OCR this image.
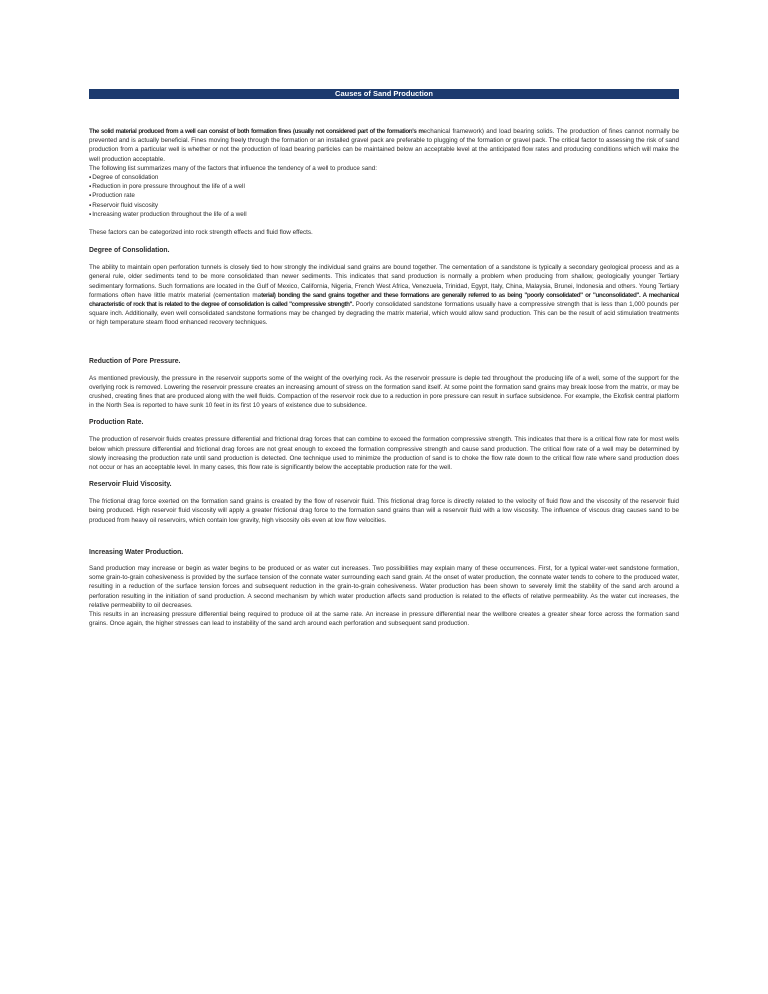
Causes of Sand Production

The solid material produced from a well can consist of both formation fines (usually not considered part of the formation's mechanical framework) and load bearing solids. The production of fines cannot normally be prevented and is actually beneficial. Fines moving freely through the formation or an installed gravel pack are preferable to plugging of the formation or gravel pack. The critical factor to assessing the risk of sand production from a particular well is whether or not the production of load bearing particles can be maintained below an acceptable level at the anticipated flow rates and producing conditions which will make the well production acceptable.

The following list summarizes many of the factors that influence the tendency of a well to produce sand:

▪ Degree of consolidation
▪ Reduction in pore pressure throughout the life of a well
▪ Production rate
▪ Reservoir fluid viscosity
▪ Increasing water production throughout the life of a well

These factors can be categorized into rock strength effects and fluid flow effects.

Degree of Consolidation.

The ability to maintain open perforation tunnels is closely tied to how strongly the individual sand grains are bound together. The cementation of a sandstone is typically a secondary geological process and as a general rule, older sediments tend to be more consolidated than newer sediments. This indicates that sand production is normally a problem when producing from shallow, geologically younger Tertiary sedimentary formations. Such formations are located in the Gulf of Mexico, California, Nigeria, French West Africa, Venezuela, Trinidad, Egypt, Italy, China, Malaysia, Brunei, Indonesia and others. Young Tertiary formations often have little matrix material (cementation material) bonding the sand grains together and these formations are generally referred to as being "poorly consolidated" or "unconsolidated". A mechanical characteristic of rock that is related to the degree of consolidation is called "compressive strength". Poorly consolidated sandstone formations usually have a compressive strength that is less than 1,000 pounds per square inch. Additionally, even well consolidated sandstone formations may be changed by degrading the matrix material, which would allow sand production. This can be the result of acid stimulation treatments or high temperature steam flood enhanced recovery techniques.

Reduction of Pore Pressure.

As mentioned previously, the pressure in the reservoir supports some of the weight of the overlying rock. As the reservoir pressure is deple ted throughout the producing life of a well, some of the support for the overlying rock is removed. Lowering the reservoir pressure creates an increasing amount of stress on the formation sand itself. At some point the formation sand grains may break loose from the matrix, or may be crushed, creating fines that are produced along with the well fluids. Compaction of the reservoir rock due to a reduction in pore pressure can result in surface subsidence. For example, the Ekofisk central platform in the North Sea is reported to have sunk 10 feet in its first 10 years of existence due to subsidence.

Production Rate.

The production of reservoir fluids creates pressure differential and frictional drag forces that can combine to exceed the formation compressive strength. This indicates that there is a critical flow rate for most wells below which pressure differential and frictional drag forces are not great enough to exceed the formation compressive strength and cause sand production. The critical flow rate of a well may be determined by slowly increasing the production rate until sand production is detected. One technique used to minimize the production of sand is to choke the flow rate down to the critical flow rate where sand production does not occur or has an acceptable level. In many cases, this flow rate is significantly below the acceptable production rate for the well.

Reservoir Fluid Viscosity.

The frictional drag force exerted on the formation sand grains is created by the flow of reservoir fluid. This frictional drag force is directly related to the velocity of fluid flow and the viscosity of the reservoir fluid being produced. High reservoir fluid viscosity will apply a greater frictional drag force to the formation sand grains than will a reservoir fluid with a low viscosity. The influence of viscous drag causes sand to be produced from heavy oil reservoirs, which contain low gravity, high viscosity oils even at low flow velocities.

Increasing Water Production.

Sand production may increase or begin as water begins to be produced or as water cut increases. Two possibilities may explain many of these occurrences. First, for a typical water-wet sandstone formation, some grain-to-grain cohesiveness is provided by the surface tension of the connate water surrounding each sand grain. At the onset of water production, the connate water tends to cohere to the produced water, resulting in a reduction of the surface tension forces and subsequent reduction in the grain-to-grain cohesiveness. Water production has been shown to severely limit the stability of the sand arch around a perforation resulting in the initiation of sand production. A second mechanism by which water production affects sand production is related to the effects of relative permeability. As the water cut increases, the relative permeability to oil decreases.

This results in an increasing pressure differential being required to produce oil at the same rate. An increase in pressure differential near the wellbore creates a greater shear force across the formation sand grains. Once again, the higher stresses can lead to instability of the sand arch around each perforation and subsequent sand production.
